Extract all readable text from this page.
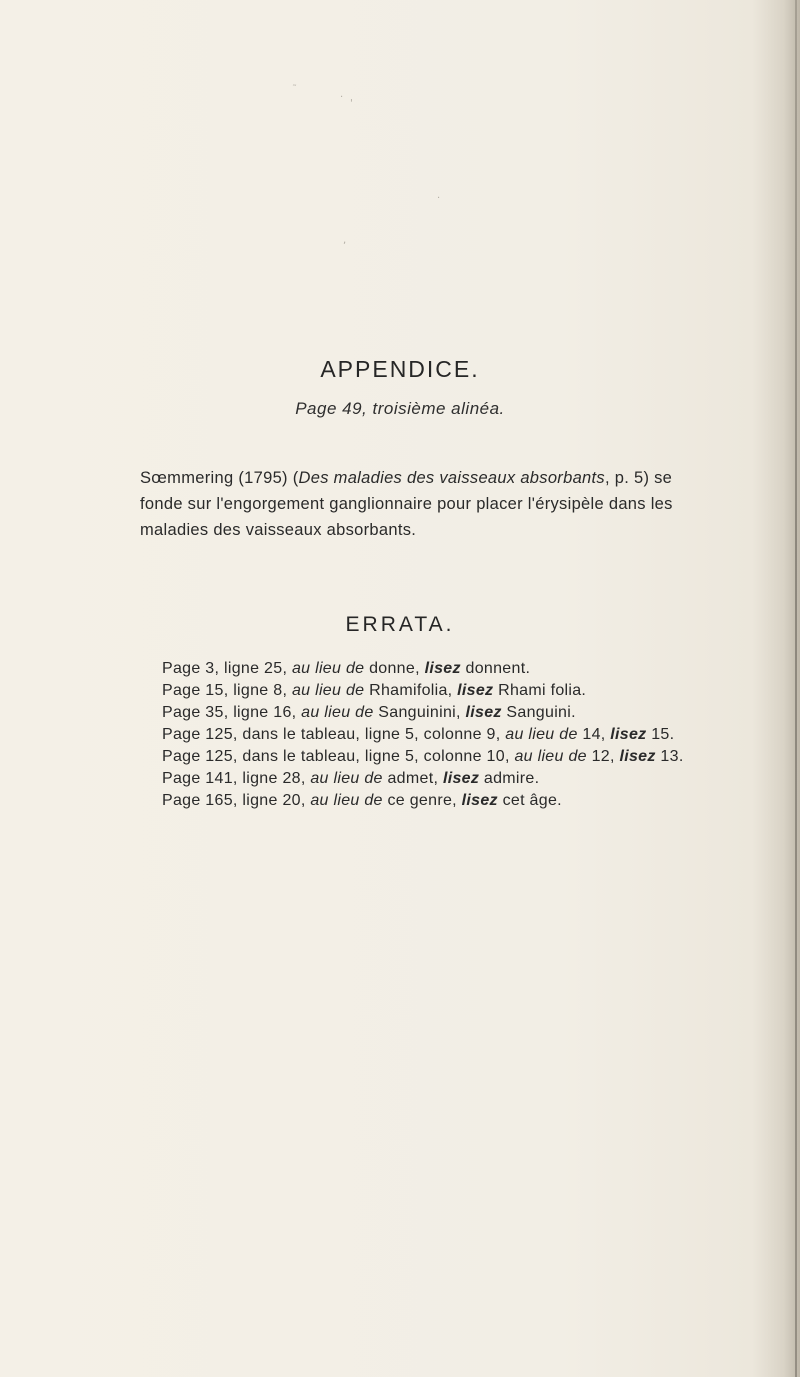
˜
·
'
·
,
APPENDICE.
Page 49, troisième alinéa.
Sœmmering (1795) (Des maladies des vaisseaux absorbants, p. 5) se
fonde sur l'engorgement ganglionnaire pour placer l'érysipèle dans les
maladies des vaisseaux absorbants.
ERRATA.
Page 3, ligne 25, au lieu de donne, lisez donnent.
Page 15, ligne 8, au lieu de Rhamifolia, lisez Rhami folia.
Page 35, ligne 16, au lieu de Sanguinini, lisez Sanguini.
Page 125, dans le tableau, ligne 5, colonne 9, au lieu de 14, lisez 15.
Page 125, dans le tableau, ligne 5, colonne 10, au lieu de 12, lisez 13.
Page 141, ligne 28, au lieu de admet, lisez admire.
Page 165, ligne 20, au lieu de ce genre, lisez cet âge.
